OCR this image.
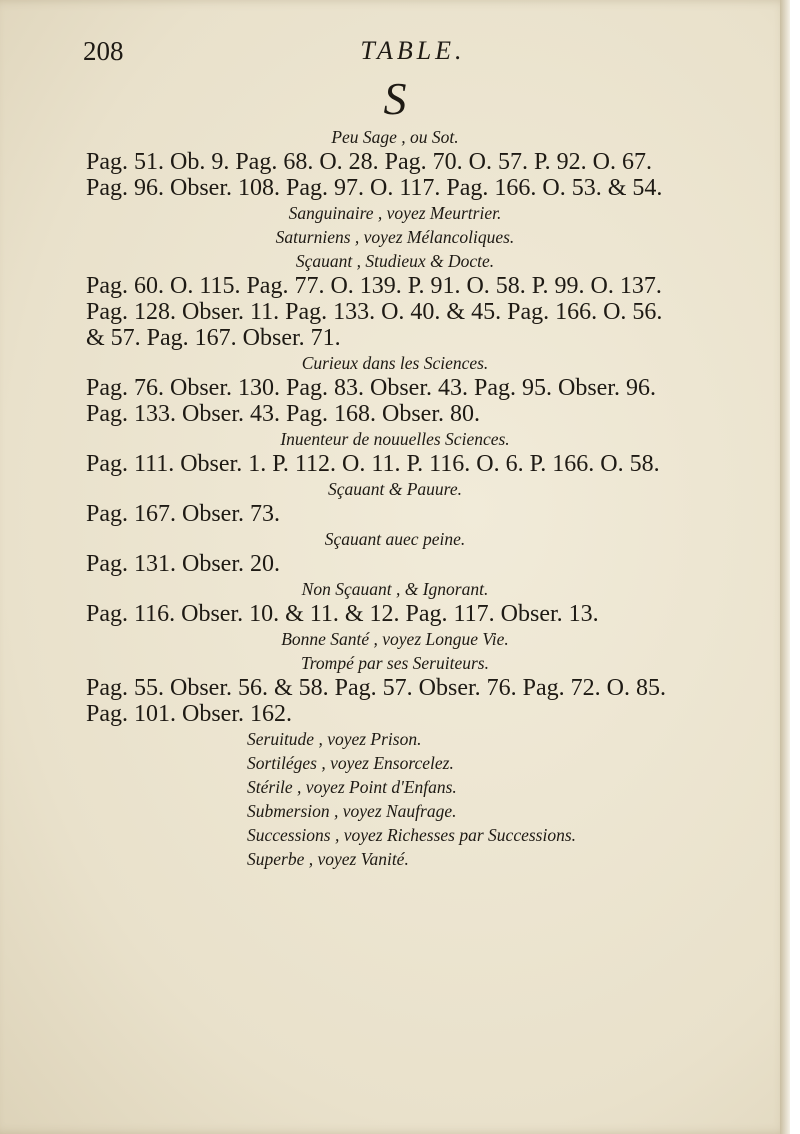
208	TABLE.
S
Peu Sage , ou Sot.
Pag. 51. Ob. 9. Pag. 68. O. 28. Pag. 70. O. 57. P. 92. O. 67.
Pag. 96. Obser. 108. Pag. 97. O. 117. Pag. 166. O. 53. & 54.
Sanguinaire , voyez Meurtrier.
Saturniens , voyez Mélancoliques.
Sçauant , Studieux & Docte.
Pag. 60. O. 115. Pag. 77. O. 139. P. 91. O. 58. P. 99. O. 137.
Pag. 128. Obser. 11. Pag. 133. O. 40. & 45. Pag. 166. O. 56.
& 57. Pag. 167. Obser. 71.
Curieux dans les Sciences.
Pag. 76. Obser. 130. Pag. 83. Obser. 43. Pag. 95. Obser. 96.
Pag. 133. Obser. 43. Pag. 168. Obser. 80.
Inuenteur de nouuelles Sciences.
Pag. 111. Obser. 1. P. 112. O. 11. P. 116. O. 6. P. 166. O. 58.
Sçauant & Pauure.
Pag. 167. Obser. 73.
Sçauant auec peine.
Pag. 131. Obser. 20.
Non Sçauant , & Ignorant.
Pag. 116. Obser. 10. & 11. & 12. Pag. 117. Obser. 13.
Bonne Santé , voyez Longue Vie.
Trompé par ses Seruiteurs.
Pag. 55. Obser. 56. & 58. Pag. 57. Obser. 76. Pag. 72. O. 85.
Pag. 101. Obser. 162.
Seruitude , voyez Prison.
Sortiléges , voyez Ensorcelez.
Stérile , voyez Point d'Enfans.
Submersion , voyez Naufrage.
Successions , voyez Richesses par Successions.
Superbe , voyez Vanité.
